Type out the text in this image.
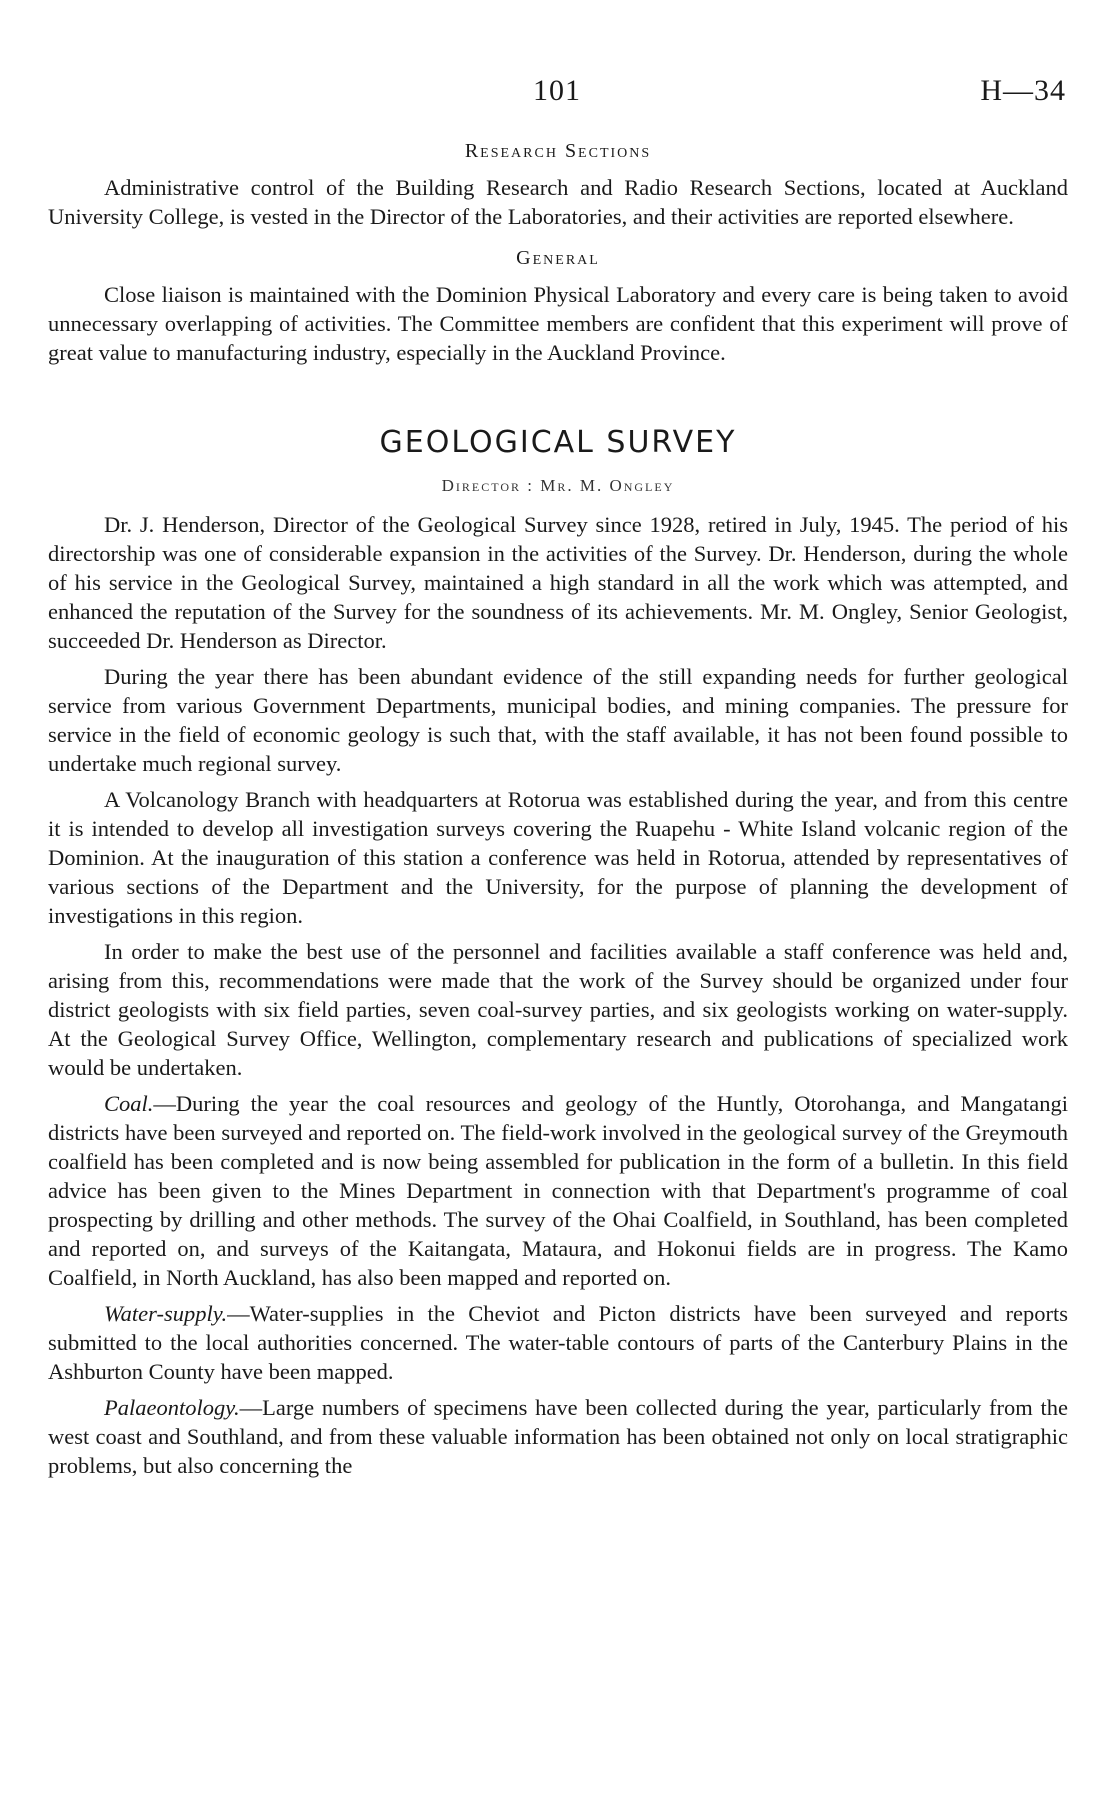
101	H—34
Research Sections

Administrative control of the Building Research and Radio Research Sections, located at Auckland University College, is vested in the Director of the Laboratories, and their activities are reported elsewhere.

General

Close liaison is maintained with the Dominion Physical Laboratory and every care is being taken to avoid unnecessary overlapping of activities. The Committee members are confident that this experiment will prove of great value to manufacturing industry, especially in the Auckland Province.

GEOLOGICAL SURVEY
Director : Mr. M. Ongley

Dr. J. Henderson, Director of the Geological Survey since 1928, retired in July, 1945. The period of his directorship was one of considerable expansion in the activities of the Survey. Dr. Henderson, during the whole of his service in the Geological Survey, maintained a high standard in all the work which was attempted, and enhanced the reputation of the Survey for the soundness of its achievements. Mr. M. Ongley, Senior Geologist, succeeded Dr. Henderson as Director.

During the year there has been abundant evidence of the still expanding needs for further geological service from various Government Departments, municipal bodies, and mining companies. The pressure for service in the field of economic geology is such that, with the staff available, it has not been found possible to undertake much regional survey.

A Volcanology Branch with headquarters at Rotorua was established during the year, and from this centre it is intended to develop all investigation surveys covering the Ruapehu - White Island volcanic region of the Dominion. At the inauguration of this station a conference was held in Rotorua, attended by representatives of various sections of the Department and the University, for the purpose of planning the development of investigations in this region.

In order to make the best use of the personnel and facilities available a staff conference was held and, arising from this, recommendations were made that the work of the Survey should be organized under four district geologists with six field parties, seven coal-survey parties, and six geologists working on water-supply. At the Geological Survey Office, Wellington, complementary research and publications of specialized work would be undertaken.

Coal.—During the year the coal resources and geology of the Huntly, Otorohanga, and Mangatangi districts have been surveyed and reported on. The field-work involved in the geological survey of the Greymouth coalfield has been completed and is now being assembled for publication in the form of a bulletin. In this field advice has been given to the Mines Department in connection with that Department's programme of coal prospecting by drilling and other methods. The survey of the Ohai Coalfield, in Southland, has been completed and reported on, and surveys of the Kaitangata, Mataura, and Hokonui fields are in progress. The Kamo Coalfield, in North Auckland, has also been mapped and reported on.

Water-supply.—Water-supplies in the Cheviot and Picton districts have been surveyed and reports submitted to the local authorities concerned. The water-table contours of parts of the Canterbury Plains in the Ashburton County have been mapped.

Palaeontology.—Large numbers of specimens have been collected during the year, particularly from the west coast and Southland, and from these valuable information has been obtained not only on local stratigraphic problems, but also concerning the
